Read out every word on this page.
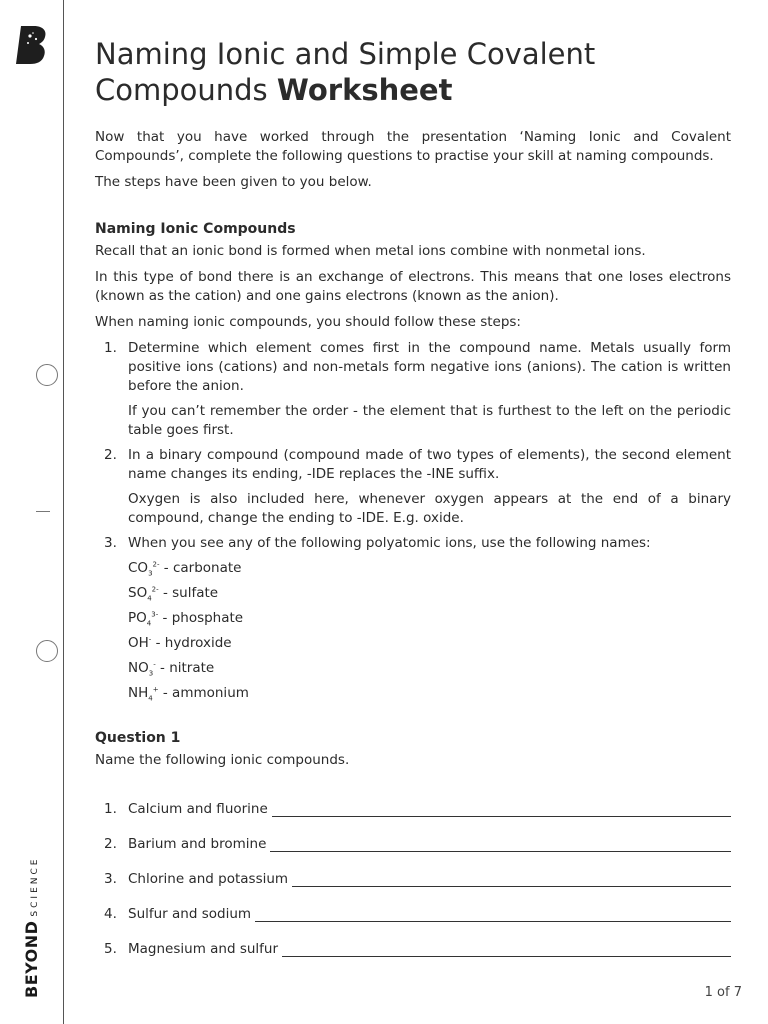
BEYONDSCIENCE
Naming Ionic and Simple Covalent
Compounds Worksheet

Now that you have worked through the presentation ‘Naming Ionic and Covalent Compounds’, complete the following questions to practise your skill at naming compounds.

The steps have been given to you below.

Naming Ionic Compounds

Recall that an ionic bond is formed when metal ions combine with nonmetal ions.

In this type of bond there is an exchange of electrons. This means that one loses electrons (known as the cation) and one gains electrons (known as the anion).

When naming ionic compounds, you should follow these steps:

1. Determine which element comes first in the compound name. Metals usually form positive ions (cations) and non-metals form negative ions (anions). The cation is written before the anion.

If you can’t remember the order - the element that is furthest to the left on the periodic table goes first.

2. In a binary compound (compound made of two types of elements), the second element name changes its ending, -IDE replaces the -INE suffix.

Oxygen is also included here, whenever oxygen appears at the end of a binary compound, change the ending to -IDE. E.g. oxide.

3. When you see any of the following polyatomic ions, use the following names:

$CO_3^{2-}$ - carbonate
$SO_4^{2-}$ - sulfate
$PO_4^{3-}$ - phosphate
OH- - hydroxide
$NO_3^-$ - nitrate
$NH_4^+$ - ammonium
Question 1

Name the following ionic compounds.

1. Calcium and fluorine
2. Barium and bromine
3. Chlorine and potassium
4. Sulfur and sodium
5. Magnesium and sulfur
1 of 7
